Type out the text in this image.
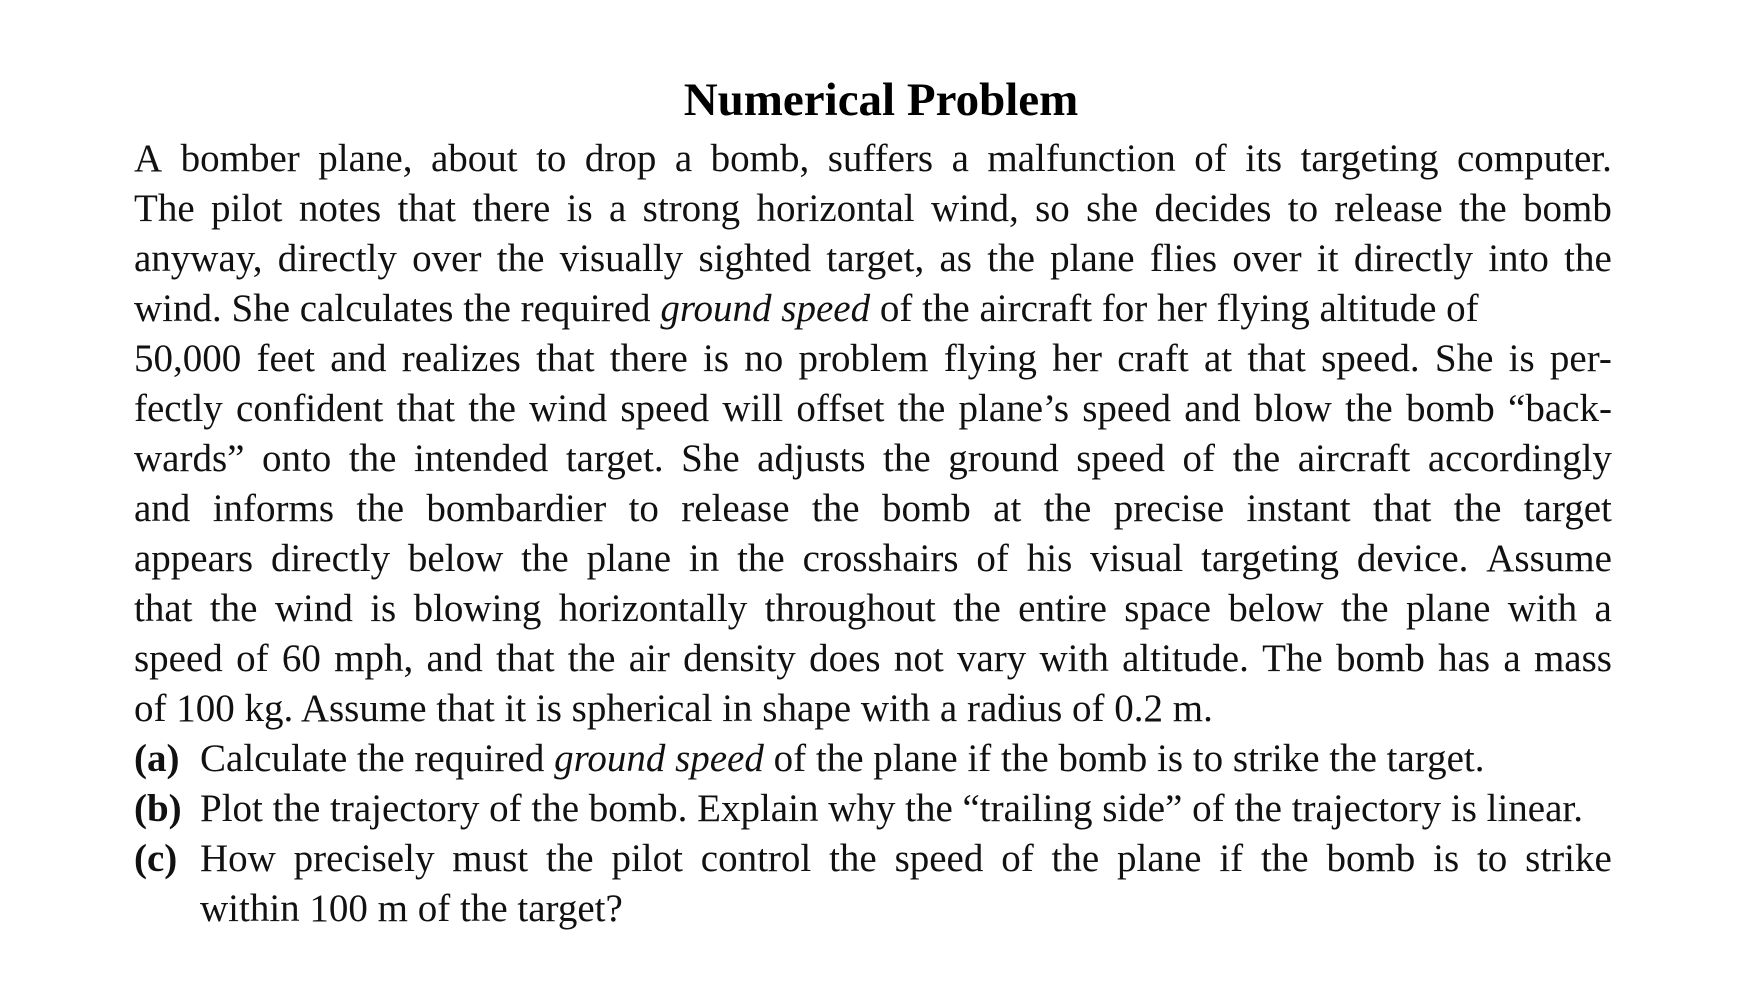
Numerical Problem
A bomber plane, about to drop a bomb, suffers a malfunction of its targeting computer.
The pilot notes that there is a strong horizontal wind, so she decides to release the bomb
anyway, directly over the visually sighted target, as the plane flies over it directly into the
wind. She calculates the required ground speed of the aircraft for her flying altitude of
50,000 feet and realizes that there is no problem flying her craft at that speed. She is per-
fectly confident that the wind speed will offset the plane’s speed and blow the bomb “back-
wards” onto the intended target. She adjusts the ground speed of the aircraft accordingly
and informs the bombardier to release the bomb at the precise instant that the target
appears directly below the plane in the crosshairs of his visual targeting device. Assume
that the wind is blowing horizontally throughout the entire space below the plane with a
speed of 60 mph, and that the air density does not vary with altitude. The bomb has a mass
of 100 kg. Assume that it is spherical in shape with a radius of 0.2 m.
(a) Calculate the required ground speed of the plane if the bomb is to strike the target.
(b) Plot the trajectory of the bomb. Explain why the “trailing side” of the trajectory is linear.
(c) How precisely must the pilot control the speed of the plane if the bomb is to strike
within 100 m of the target?
